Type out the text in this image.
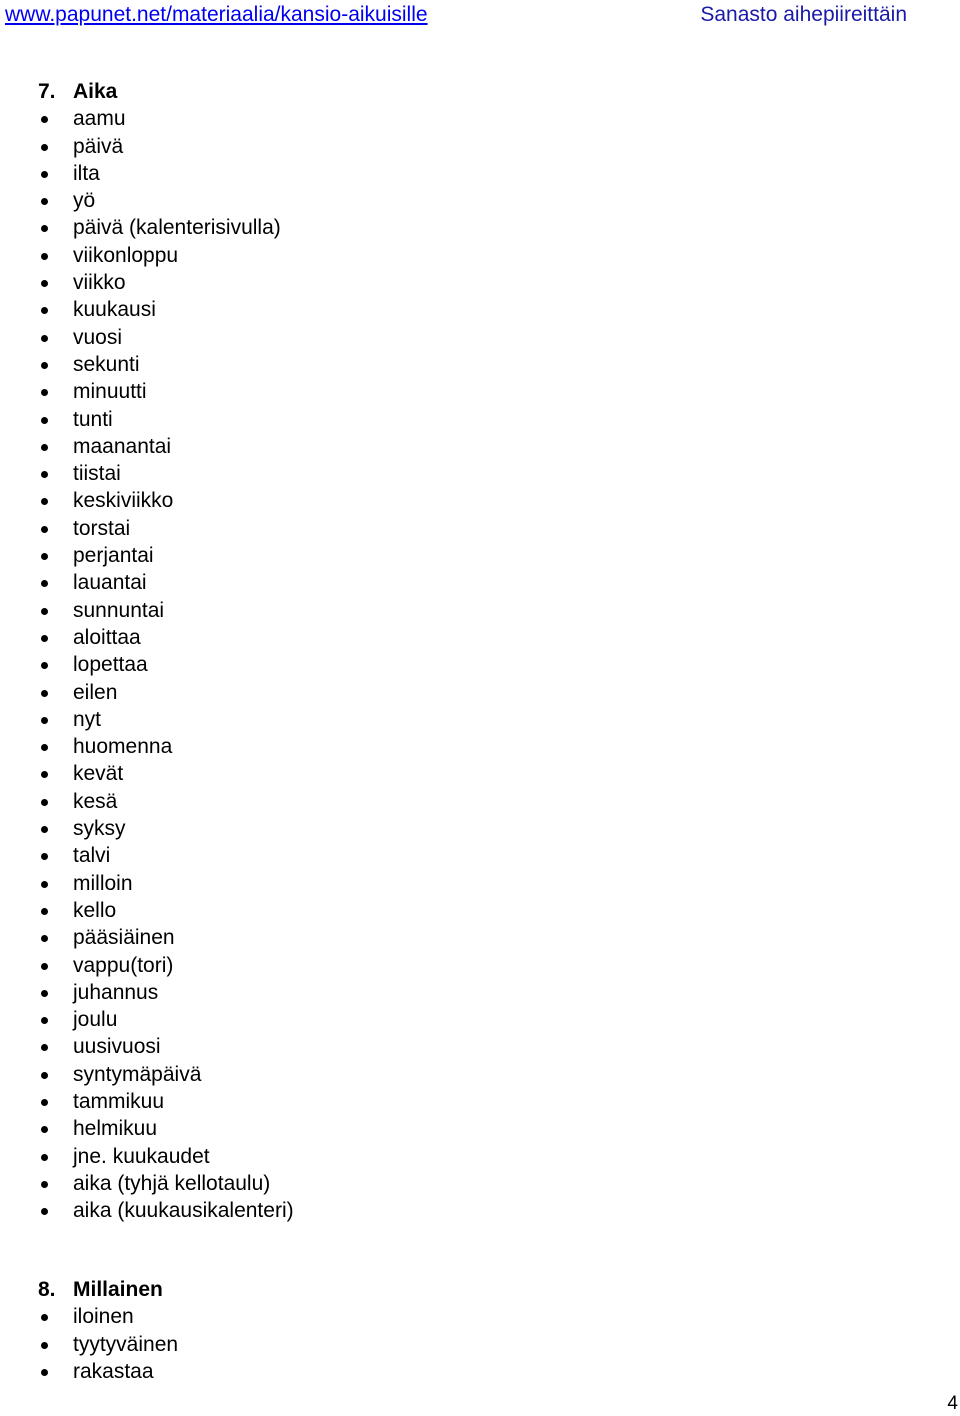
www.papunet.net/materiaalia/kansio-aikuisille	Sanasto aihepiireittäin
7. Aika
aamu
päivä
ilta
yö
päivä (kalenterisivulla)
viikonloppu
viikko
kuukausi
vuosi
sekunti
minuutti
tunti
maanantai
tiistai
keskiviikko
torstai
perjantai
lauantai
sunnuntai
aloittaa
lopettaa
eilen
nyt
huomenna
kevät
kesä
syksy
talvi
milloin
kello
pääsiäinen
vappu(tori)
juhannus
joulu
uusivuosi
syntymäpäivä
tammikuu
helmikuu
jne. kuukaudet
aika (tyhjä kellotaulu)
aika (kuukausikalenteri)
8. Millainen
iloinen
tyytyväinen
rakastaa
4
